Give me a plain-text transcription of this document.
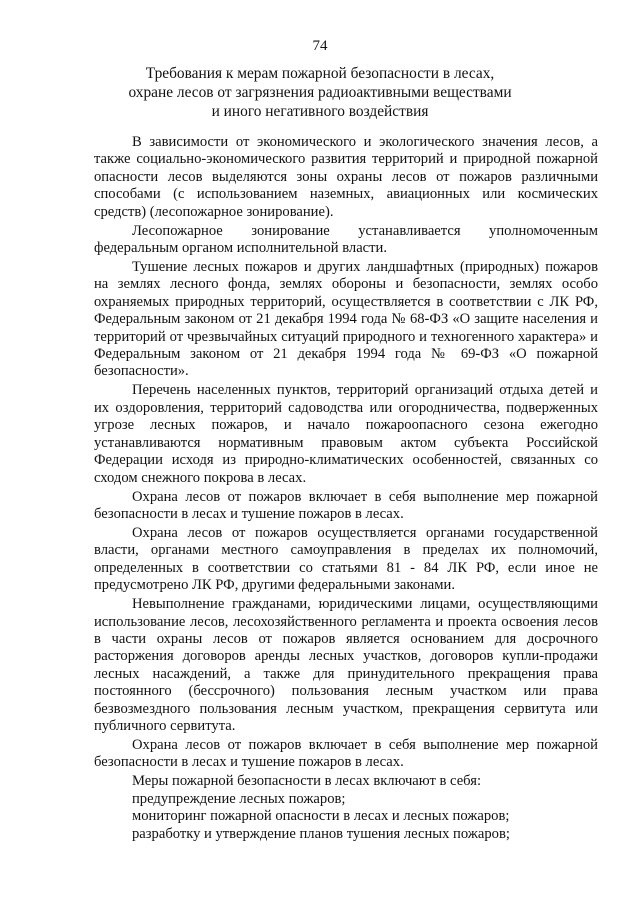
74
Требования к мерам пожарной безопасности в лесах,
охране лесов от загрязнения радиоактивными веществами
и иного негативного воздействия

В зависимости от экономического и экологического значения лесов, а также социально-экономического развития территорий и природной пожарной опасности лесов выделяются зоны охраны лесов от пожаров различными способами (с использованием наземных, авиационных или космических средств) (лесопожарное зонирование).

Лесопожарное зонирование устанавливается уполномоченным федеральным органом исполнительной власти.

Тушение лесных пожаров и других ландшафтных (природных) пожаров на землях лесного фонда, землях обороны и безопасности, землях особо охраняемых природных территорий, осуществляется в соответствии с ЛК РФ, Федеральным законом от 21 декабря 1994 года № 68-ФЗ «О защите населения и территорий от чрезвычайных ситуаций природного и техногенного характера» и Федеральным законом от 21 декабря 1994 года № 69-ФЗ «О пожарной безопасности».

Перечень населенных пунктов, территорий организаций отдыха детей и их оздоровления, территорий садоводства или огородничества, подверженных угрозе лесных пожаров, и начало пожароопасного сезона ежегодно устанавливаются нормативным правовым актом субъекта Российской Федерации исходя из природно-климатических особенностей, связанных со сходом снежного покрова в лесах.

Охрана лесов от пожаров включает в себя выполнение мер пожарной безопасности в лесах и тушение пожаров в лесах.

Охрана лесов от пожаров осуществляется органами государственной власти, органами местного самоуправления в пределах их полномочий, определенных в соответствии со статьями 81 - 84 ЛК РФ, если иное не предусмотрено ЛК РФ, другими федеральными законами.

Невыполнение гражданами, юридическими лицами, осуществляющими использование лесов, лесохозяйственного регламента и проекта освоения лесов в части охраны лесов от пожаров является основанием для досрочного расторжения договоров аренды лесных участков, договоров купли-продажи лесных насаждений, а также для принудительного прекращения права постоянного (бессрочного) пользования лесным участком или права безвозмездного пользования лесным участком, прекращения сервитута или публичного сервитута.

Охрана лесов от пожаров включает в себя выполнение мер пожарной безопасности в лесах и тушение пожаров в лесах.

Меры пожарной безопасности в лесах включают в себя:

предупреждение лесных пожаров;

мониторинг пожарной опасности в лесах и лесных пожаров;

разработку и утверждение планов тушения лесных пожаров;
